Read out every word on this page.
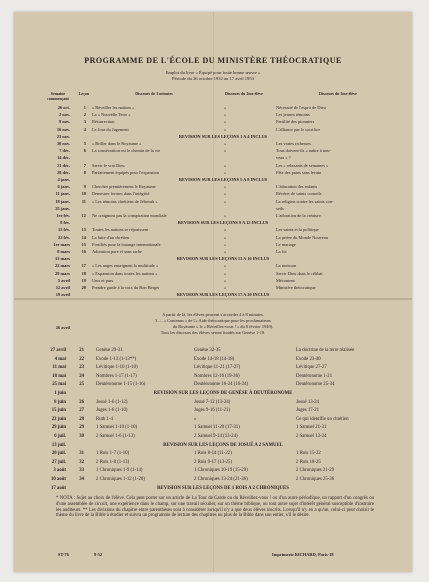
PROGRAMME DE L'ÉCOLE DU MINISTÈRE THÉOCRATIQUE
Emploi du livre « Équipé pour toute bonne œuvre »
Période du 26 octobre 1952 au 17 avril 1953
Semaine commençant
Leçon	Discours de 3 minutes	Discours du 2me élève	Discours du 3me élève
26 oct.	1 « Réveiller les nations »	»	Nécessité de l'esprit de Dieu
2 nov.	2 La « Nouvelle Terre »	»	Les jeunes témoins
9 nov.	3 Résurrection	»	Fertilité des pionniers
16 nov.	4 Le Jour du Jugement	»	L'alliance par le sacrifice
23 nov.	REVISION SUR LES LEÇONS 1 A 4 INCLUS
30 nov.	5 « Briller dans le Royaume »	»	Les vraies richesses
7 déc.	6 La consécration est le chemin de la vie	»	Tous doivent-ils « naître à nou-
14 déc.	veau » ?
21 déc.	7 Servir le vrai Dieu	»	Les « relaxants de semaines »
28 déc.	8 Parfaitement équipés pour l'expansion	»	Fête des pains sans levain
4 janv.	REVISION SUR LES LEÇONS 5 A 8 INCLUS
6 janv.	9 Chercher premièrement le Royaume	»	L'éducation des enfants
11 janv.	10 Demeurer fermes dans l'intégrité	»	Révérer de saints conseils
18 janv.	11 « Les témoins chrétiens de Jéhovah »	»	La religion contre les saints con-
25 janv.	seils
1er fév.	12 Ne craignons pas la conspiration mondiale	»	L'adoration de la créature
8 fév.	REVISION SUR LES LEÇONS 9 A 12 INCLUS
15 fév.	13 Toutes les nations se réjouissent	»	Les saints et la politique
22 fév.	14 La lutte d'un chrétien	»	La prière du Monde Nouveau
1er mars	15 Fortifiés pour la louange internationale	»	Le mariage
8 mars	16 Adoration pure et sans tache	»	La foi
15 mars	REVISION SUR LES LEÇONS 13 A 16 INCLUS
22 mars	17 « Les anges enseignent la multitude »	»	La moisson
29 mars	18 « Expansion dans toutes les nations »	»	Servir Dieu dans le célibat
5 avril	19 Unis et purs	»	Mécontent
12 avril	20 Prendre garde à la voix du Bon Berger	»	Ministère théocratique
19 avril	REVISION SUR LES LEÇONS 17 A 20 INCLUS
26 avril
A partir de là, les élèves peuvent s'accorder 4 à 8 minutes.
3 .... « Contenus » de l'« Aide théocratique pour les proclamateurs
du Royaume » le « Réveillez-vous ! » du 8 février 1949).
Tous les discours des élèves seront fondés sur Genèse 1-18.
27 avril	21	Genèse 29-31	Genèse 32-35	La doctrine de la terre réalisée
4 mai	22	Exode 1-13 (1-13**)	Exode 14-18 (14-18)	Exode 23-40
11 mai	23	Lévitique 1-10 (1-10)	Lévitique 11-21 (17-27)	Lévitique 27-27
18 mai	24	Nombres 1-17 (1-17)	Nombres 12-16 (19-36)	Deutéronome 1-21
25 mai	25	Deutéronome 1-15 (1-16)	Deutéronome 16-24 (16-24)	Deutéronome 25-34
1 juin	REVISION SUR LES LEÇONS DE GENÈSE À DEUTÉRONOME
8 juin	26	Josué 1-6 (1-12)	Josué 7-12 (13-24)	Josué 13-24
15 juin	27	Juges 1-6 (1-10)	Juges 9-16 (11-21)	Juges 17-21
22 juin	28	Ruth 1-4	»	Ce qui identifie un chrétien
29 juin	29	1 Samuel 1-10 (1-10)	1 Samuel 11-20 (17-31)	1 Samuel 21-31
6 juil.	30	2 Samuel 1-6 (1-13)	2 Samuel 9-14 (13-24)	2 Samuel 13-24
13 juil.	REVISION SUR LES LEÇONS DE JOSUÉ A 2 SAMUEL
20 juil.	31	1 Rois 1-7 (1-10)	1 Rois 8-14 (11-22)	1 Rois 15-22
27 juil.	32	2 Rois 1-8 (1-13)	2 Rois 9-17 (13-25)	2 Rois 18-25
3 août	33	1 Chroniques 1-9 (1-14)	1 Chroniques 10-19 (15-29)	2 Chroniques 21-29
10 août	34	2 Chroniques 1-12 (1-20)	2 Chroniques 13-24 (21-36)	2 Chroniques 25-36
17 août	REVISION SUR LES LEÇONS DE 1 ROIS A 2 CHRONIQUES
* NOTA : Sujet au choix de l'élève. Cela peut porter sur un article de La Tour de Garde ou du Réveillez-vous ! ou d'un autre périodique, un rapport d'un congrès ou d'une assemblée de circuit, une expérience dans le champ, sur une travail séculier, sur un thème biblique, ou tout autre sujet d'intérêt général susceptible d'instruire les auditeurs. ** Les divisions du chapitre entre parenthèses sont à considérer lorsqu'il n'y a que deux élèves inscrits. Lorsqu'il n'y en a qu'un, celui-ci peut choisir le thème du livre de la Bible à étudier et suivra un programme de lecture des chapitres ou plus de la Bible dans son entier, s'il le désire.
ST-76	9-52	Imprimerie RICHARD, Paris-18
